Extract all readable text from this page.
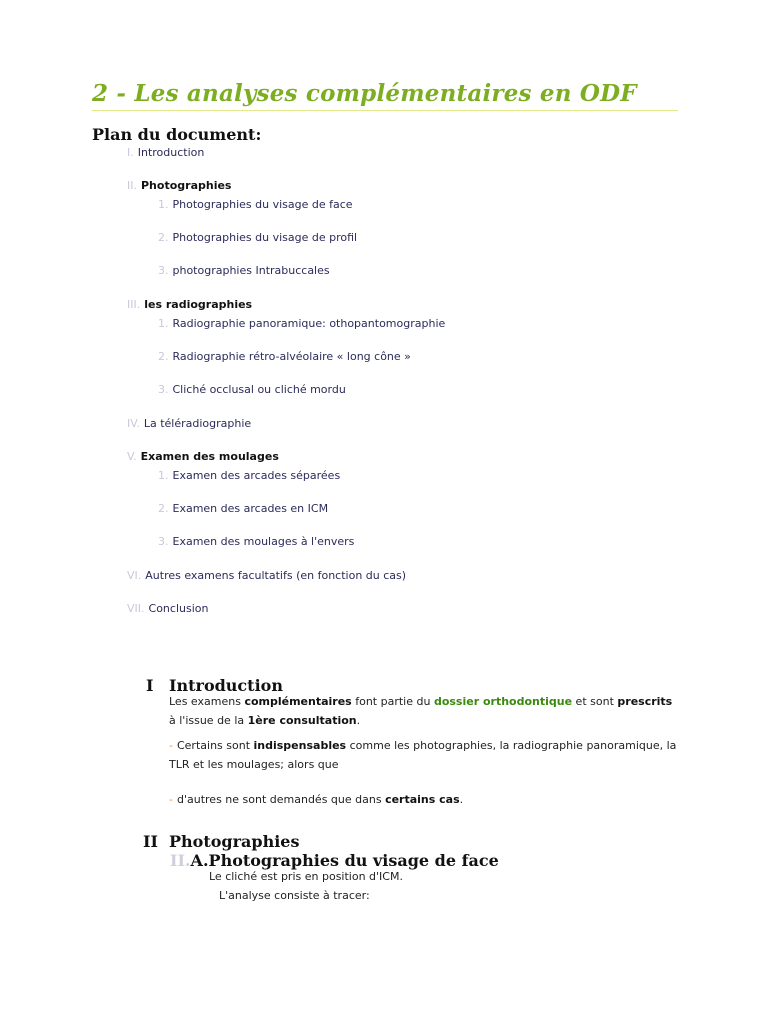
2 - Les analyses complémentaires en ODF
Plan du document:
I. Introduction
II. Photographies
1. Photographies du visage de face
2. Photographies du visage de profil
3. photographies Intrabuccales
III. les radiographies
1. Radiographie panoramique: othopantomographie
2. Radiographie rétro-alvéolaire « long cône »
3. Cliché occlusal ou cliché mordu
IV. La téléradiographie
V. Examen des moulages
1. Examen des arcades séparées
2. Examen des arcades en ICM
3. Examen des moulages à l'envers
VI. Autres examens facultatifs (en fonction du cas)
VII. Conclusion
I Introduction
Les examens complémentaires font partie du dossier orthodontique et sont prescrits à l'issue de la 1ère consultation.
- Certains sont indispensables comme les photographies, la radiographie panoramique, la TLR et les moulages; alors que
- d'autres ne sont demandés que dans certains cas.
II Photographies
II.A.Photographies du visage de face
Le cliché est pris en position d'ICM.
L'analyse consiste à tracer:
